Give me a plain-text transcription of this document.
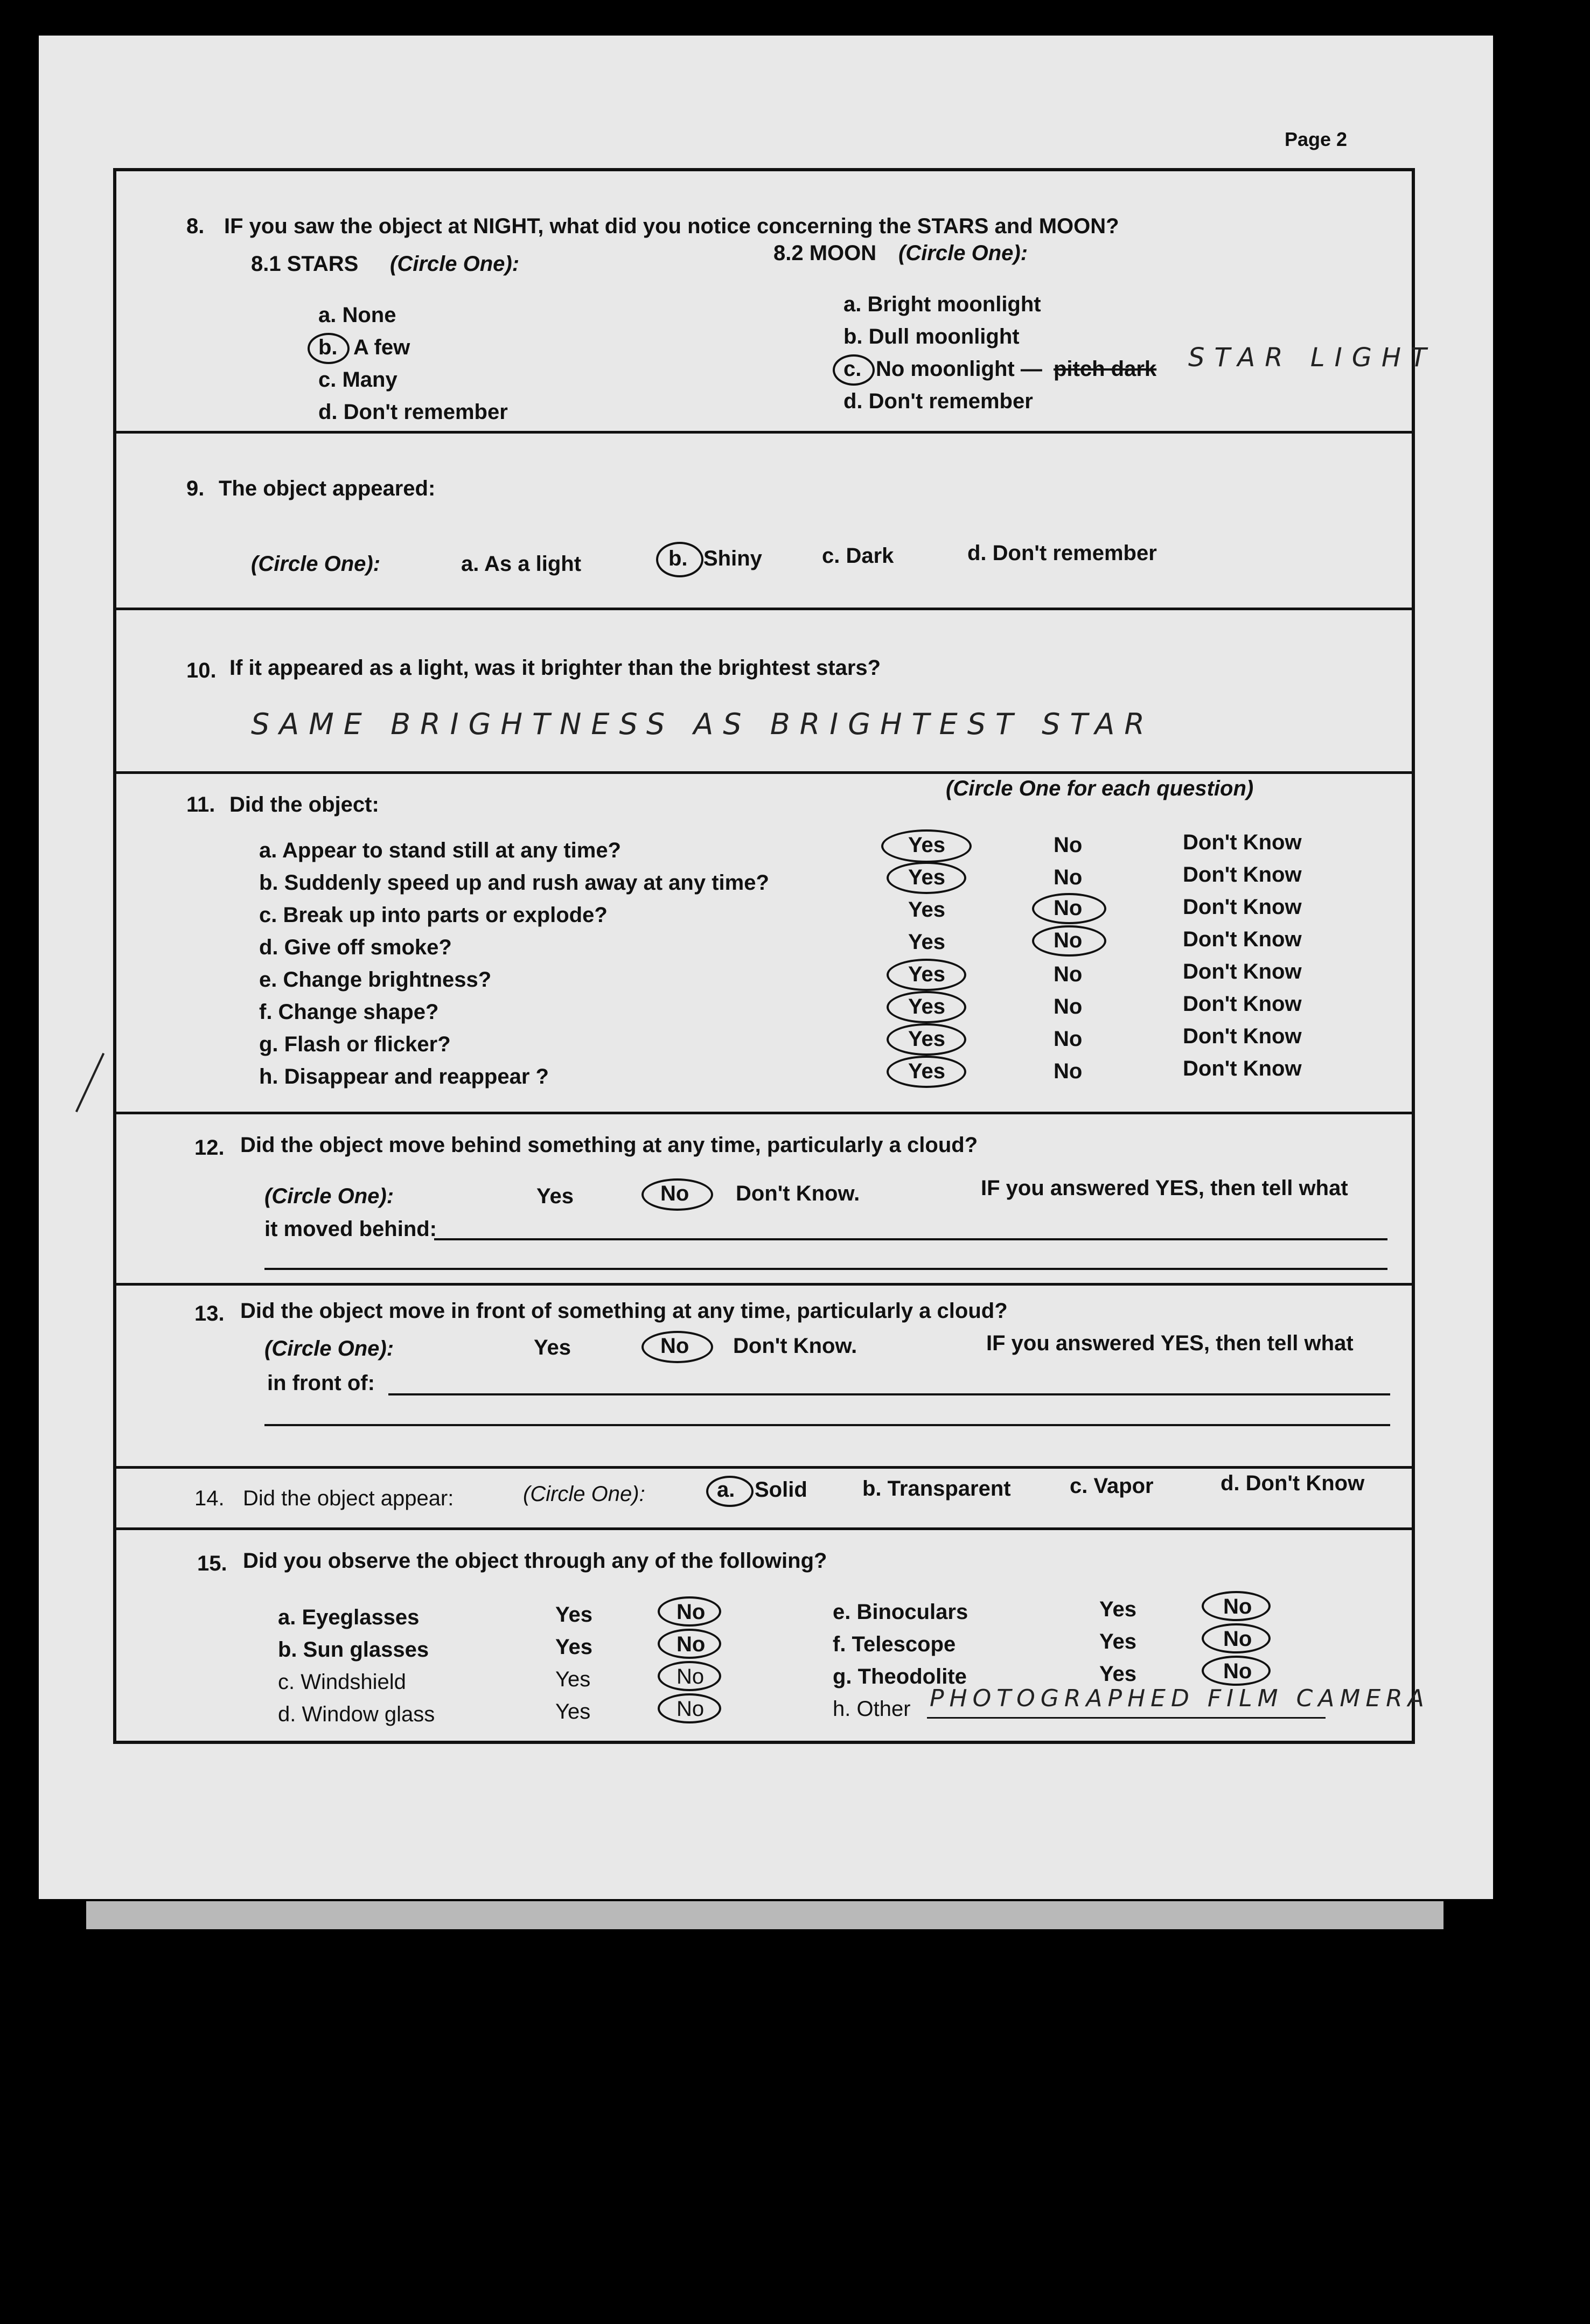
Page 2
8. IF you saw the object at NIGHT, what did you notice concerning the STARS and MOON?
8.1 STARS (Circle One):	8.2 MOON (Circle One):
a. None
b. A few
c. Many
d. Don't remember
a. Bright moonlight
b. Dull moonlight
c. No moonlight — pitch dark STAR LIGHT
d. Don't remember
9. The object appeared:
(Circle One):	a. As a light	b. Shiny	c. Dark	d. Don't remember
10. If it appeared as a light, was it brighter than the brightest stars?
SAME BRIGHTNESS AS BRIGHTEST STAR
11. Did the object:
(Circle One for each question)
a. Appear to stand still at any time?	Yes	No	Don't Know
b. Suddenly speed up and rush away at any time?	Yes	No	Don't Know
c. Break up into parts or explode?	Yes	No	Don't Know
d. Give off smoke?	Yes	No	Don't Know
e. Change brightness?	Yes	No	Don't Know
f. Change shape?	Yes	No	Don't Know
g. Flash or flicker?	Yes	No	Don't Know
h. Disappear and reappear ?	Yes	No	Don't Know
12. Did the object move behind something at any time, particularly a cloud?
(Circle One):	Yes	No Don't Know.	IF you answered YES, then tell what
it moved behind:
13. Did the object move in front of something at any time, particularly a cloud?
(Circle One):	Yes	No Don't Know.	IF you answered YES, then tell what
in front of:
14. Did the object appear:	(Circle One):	a. Solid	b. Transparent	c. Vapor	d. Don't Know
15. Did you observe the object through any of the following?
a. Eyeglasses	Yes	No
b. Sun glasses	Yes	No
c. Windshield	Yes	No
d. Window glass	Yes	No
e. Binoculars	Yes	No
f. Telescope	Yes	No
g. Theodolite	Yes	No
h. Other PHOTOGRAPHED FILM CAMERA
